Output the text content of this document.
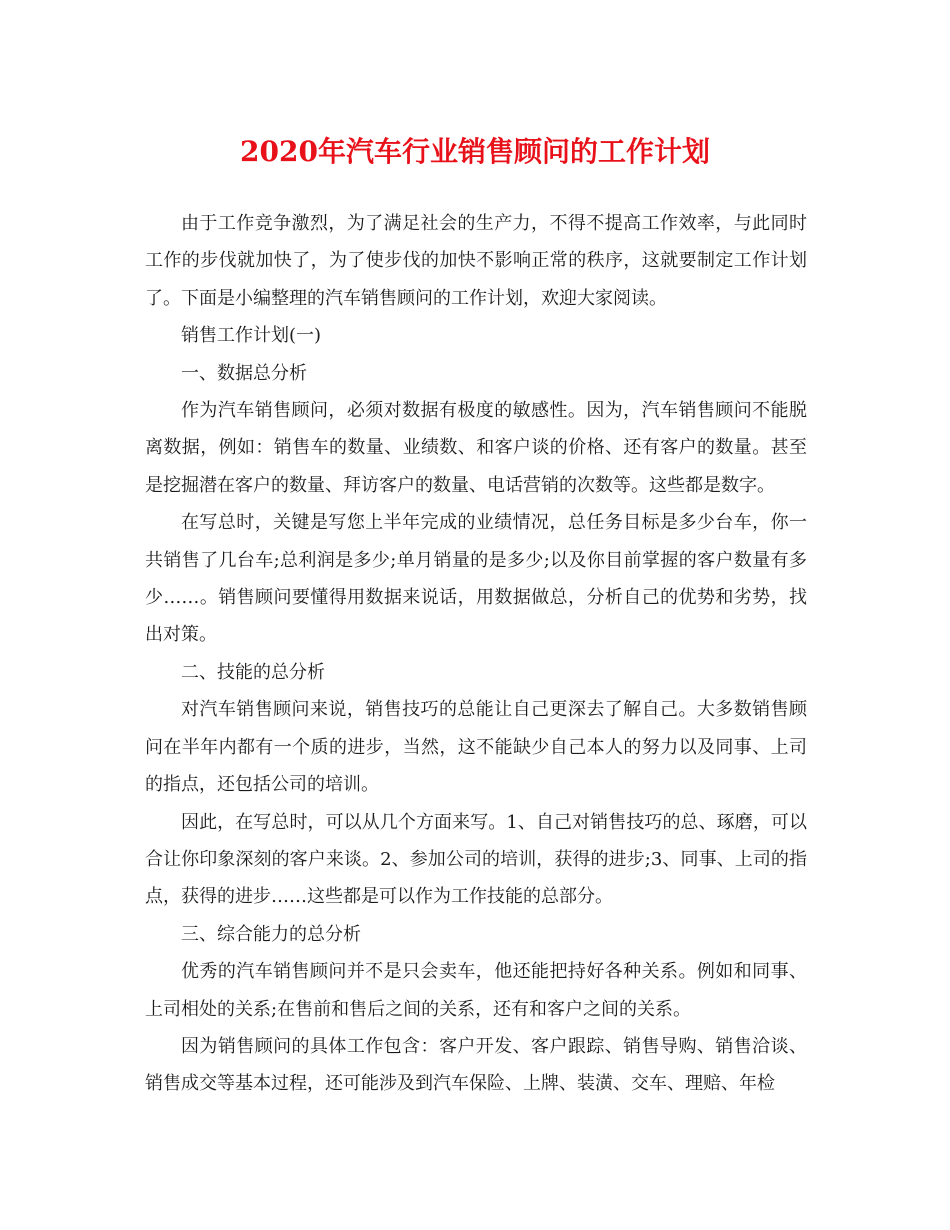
2020年汽车行业销售顾问的工作计划

由于工作竞争激烈，为了满足社会的生产力，不得不提高工作效率，与此同时工作的步伐就加快了，为了使步伐的加快不影响正常的秩序，这就要制定工作计划了。下面是小编整理的汽车销售顾问的工作计划，欢迎大家阅读。

销售工作计划(一)

一、数据总分析

作为汽车销售顾问，必须对数据有极度的敏感性。因为，汽车销售顾问不能脱离数据，例如：销售车的数量、业绩数、和客户谈的价格、还有客户的数量。甚至是挖掘潜在客户的数量、拜访客户的数量、电话营销的次数等。这些都是数字。

在写总时，关键是写您上半年完成的业绩情况，总任务目标是多少台车，你一共销售了几台车;总利润是多少;单月销量的是多少;以及你目前掌握的客户数量有多少……。销售顾问要懂得用数据来说话，用数据做总，分析自己的优势和劣势，找出对策。

二、技能的总分析

对汽车销售顾问来说，销售技巧的总能让自己更深去了解自己。大多数销售顾问在半年内都有一个质的进步，当然，这不能缺少自己本人的努力以及同事、上司的指点，还包括公司的培训。

因此，在写总时，可以从几个方面来写。1、自己对销售技巧的总、琢磨，可以合让你印象深刻的客户来谈。2、参加公司的培训，获得的进步;3、同事、上司的指点，获得的进步……这些都是可以作为工作技能的总部分。

三、综合能力的总分析

优秀的汽车销售顾问并不是只会卖车，他还能把持好各种关系。例如和同事、上司相处的关系;在售前和售后之间的关系，还有和客户之间的关系。

因为销售顾问的具体工作包含：客户开发、客户跟踪、销售导购、销售洽谈、销售成交等基本过程，还可能涉及到汽车保险、上牌、装潢、交车、理赔、年检
